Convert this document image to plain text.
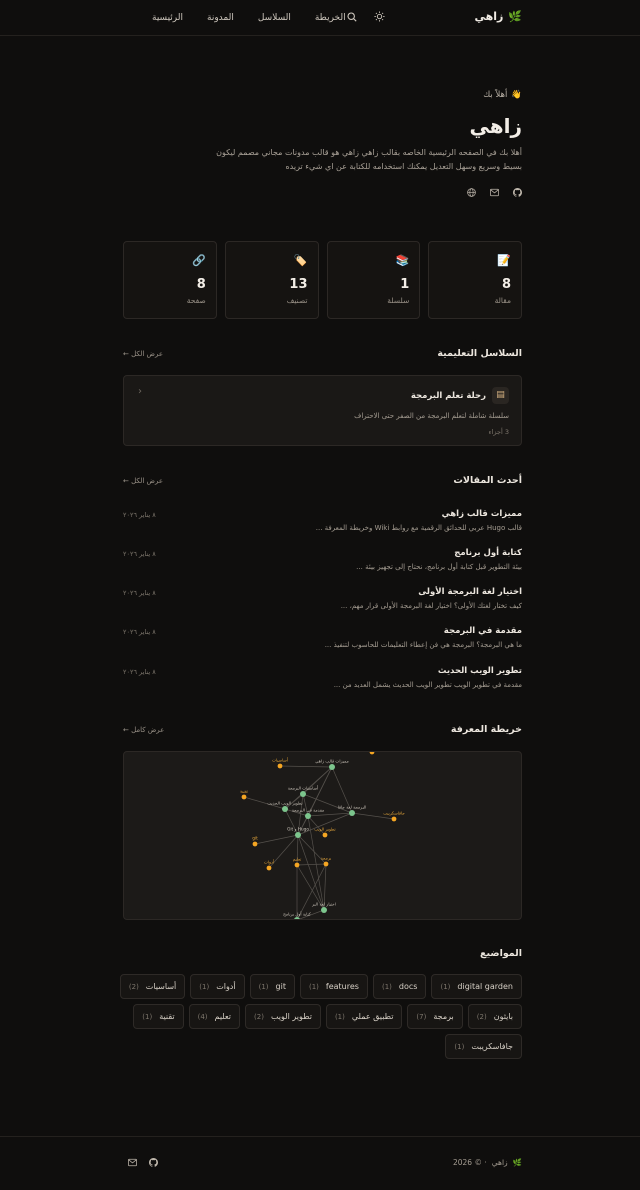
🌿
زاهي
الرئيسية	المدونة	السلاسل	الخريطة
👋
أهلاً بك
زاهي

أهلا بك في الصفحه الرئيسية الخاصه بقالب زاهي زاهي هو قالب مدونات مجاني مصمم ليكون بسيط وسريع وسهل التعديل يمكنك استخدامه للكتابة عن اي شيء تريده

📝
8
مقالة
📚
1
سلسلة
🏷️
13
تصنيف
🔗
8
صفحة
السلاسل التعليمية
عرض الكل ←
▤
رحلة تعلم البرمجة
سلسلة شاملة لتعلم البرمجة من الصفر حتى الاحتراف
3 أجزاء
‹
أحدث المقالات
عرض الكل ←
مميزات قالب زاهي
قالب Hugo عربي للحدائق الرقمية مع روابط Wiki وخريطة المعرفة ...
٨ يناير ٢٠٢٦
كتابة أول برنامج
بيئة التطوير قبل كتابة أول برنامج، نحتاج إلى تجهيز بيئة ...
٨ يناير ٢٠٢٦
اختيار لغة البرمجة الأولى
كيف تختار لغتك الأولى؟ اختيار لغة البرمجة الأولى قرار مهم، ...
٨ يناير ٢٠٢٦
مقدمة في البرمجة
ما هي البرمجة؟ البرمجة هي فن إعطاء التعليمات للحاسوب لتنفيذ ...
٨ يناير ٢٠٢٦
تطوير الويب الحديث
مقدمة في تطوير الويب تطوير الويب الحديث يشمل العديد من ...
٨ يناير ٢٠٢٦
خريطة المعرفة
عرض كامل ←
مميزات قالب زاهي
أساسيات البرمجة
تطوير الويب الحديث
مقدمة في البرمجة
البرمجة لغة جافا
Hugo و Git
اختيار لغة البر
كتابة أول برنامج
أساسيات
تقنية
git
أدوات
تعليم	برمجة
تطوير الويب
جافاسكريبت
المواضيع
digital garden
(1)
docs
(1)
features
(1)
git
(1)
أدوات
(1)
أساسيات
(2)
بايثون
(2)
برمجة
(7)
تطبيق عملي
(1)
تطوير الويب
(2)
تعليم
(4)
تقنية
(1)
جافاسكريبت
(1)
🌿
زاهي
· © 2026
